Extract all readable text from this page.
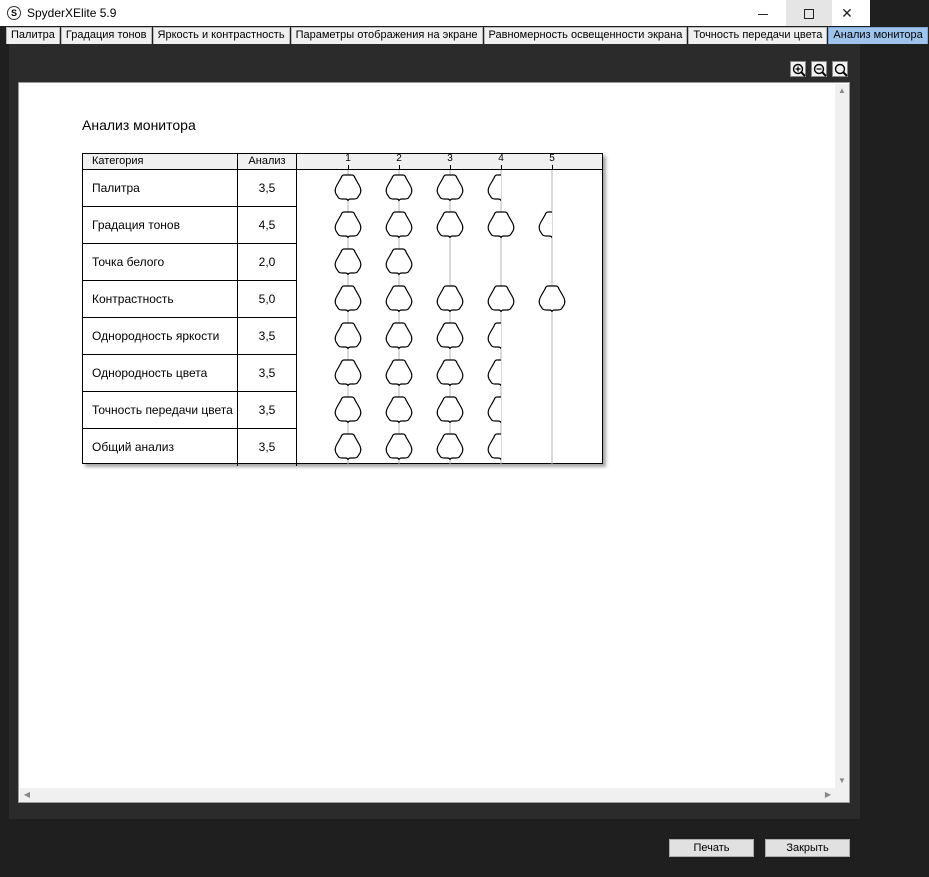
S SpyderXElite 5.9	✕
Палитра	Градация тонов	Яркость и контрастность	Параметры отображения на экране	Равномерность освещенности экрана	Точность передачи цвета	Анализ монитора
▲
▼
◀	▶
Анализ монитора
Категория	Анализ	1	2	3	4	5
Палитра	3,5
Градация тонов	4,5
Точка белого	2,0
Контрастность	5,0
Однородность яркости	3,5
Однородность цвета	3,5
Точность передачи цвета	3,5
Общий анализ	3,5
Печать	Закрыть
